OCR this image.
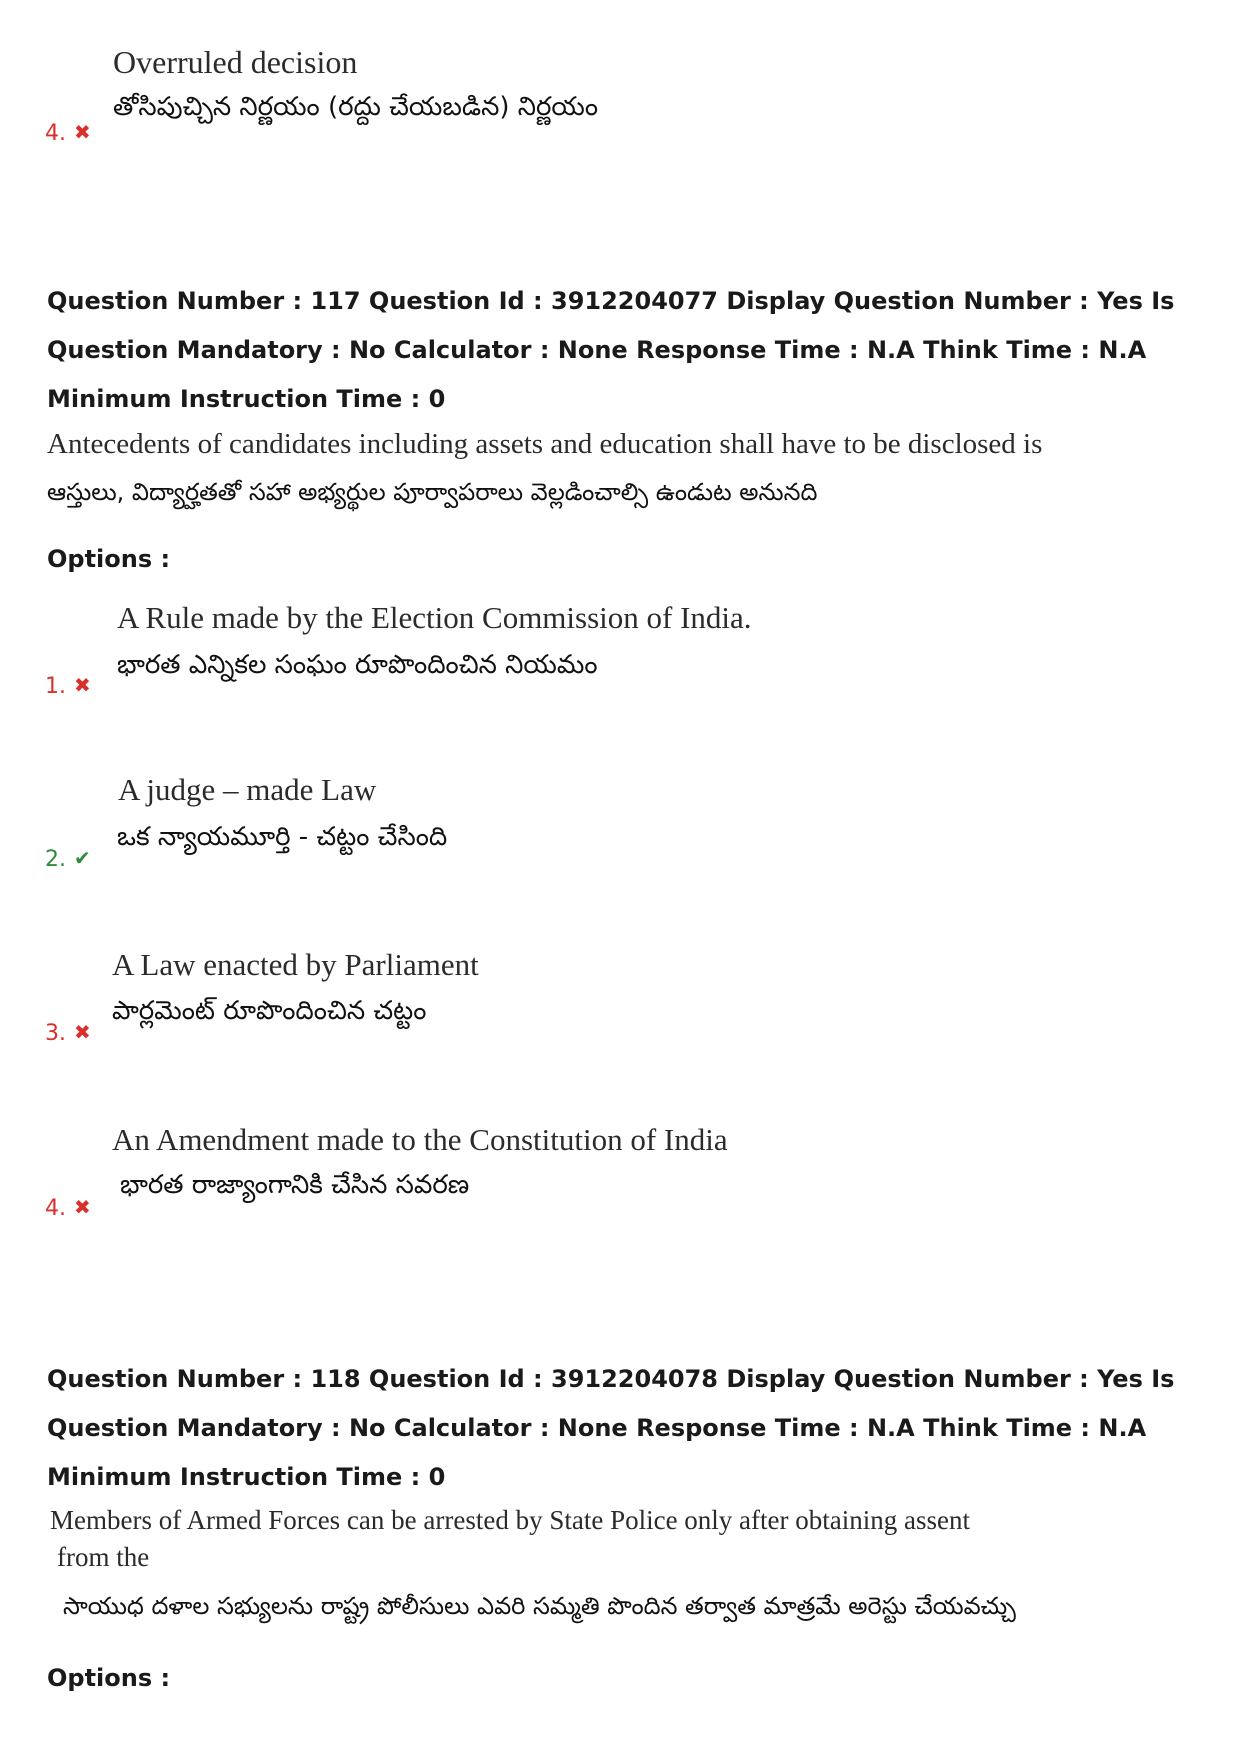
Overruled decision
తోసిపుచ్చిన నిర్ణయం (రద్దు చేయబడిన) నిర్ణయం
4. ✖

Question Number : 117 Question Id : 3912204077 Display Question Number : Yes Is Question Mandatory : No Calculator : None Response Time : N.A Think Time : N.A Minimum Instruction Time : 0

Antecedents of candidates including assets and education shall have to be disclosed is
ఆస్తులు, విద్యార్హతతో సహా అభ్యర్థుల పూర్వాపరాలు వెల్లడించాల్సి ఉండుట అనునది
Options :
A Rule made by the Election Commission of India.
భారత ఎన్నికల సంఘం రూపొందించిన నియమం
1. ✖
A judge – made Law
ఒక న్యాయమూర్తి - చట్టం చేసింది
2. ✔
A Law enacted by Parliament
పార్లమెంట్ రూపొందించిన చట్టం
3. ✖
An Amendment made to the Constitution of India
భారత రాజ్యాంగానికి చేసిన సవరణ
4. ✖

Question Number : 118 Question Id : 3912204078 Display Question Number : Yes Is Question Mandatory : No Calculator : None Response Time : N.A Think Time : N.A Minimum Instruction Time : 0

Members of Armed Forces can be arrested by State Police only after obtaining assent
from the
సాయుధ దళాల సభ్యులను రాష్ట్ర పోలీసులు ఎవరి సమ్మతి పొందిన తర్వాత మాత్రమే అరెస్టు చేయవచ్చు
Options :
